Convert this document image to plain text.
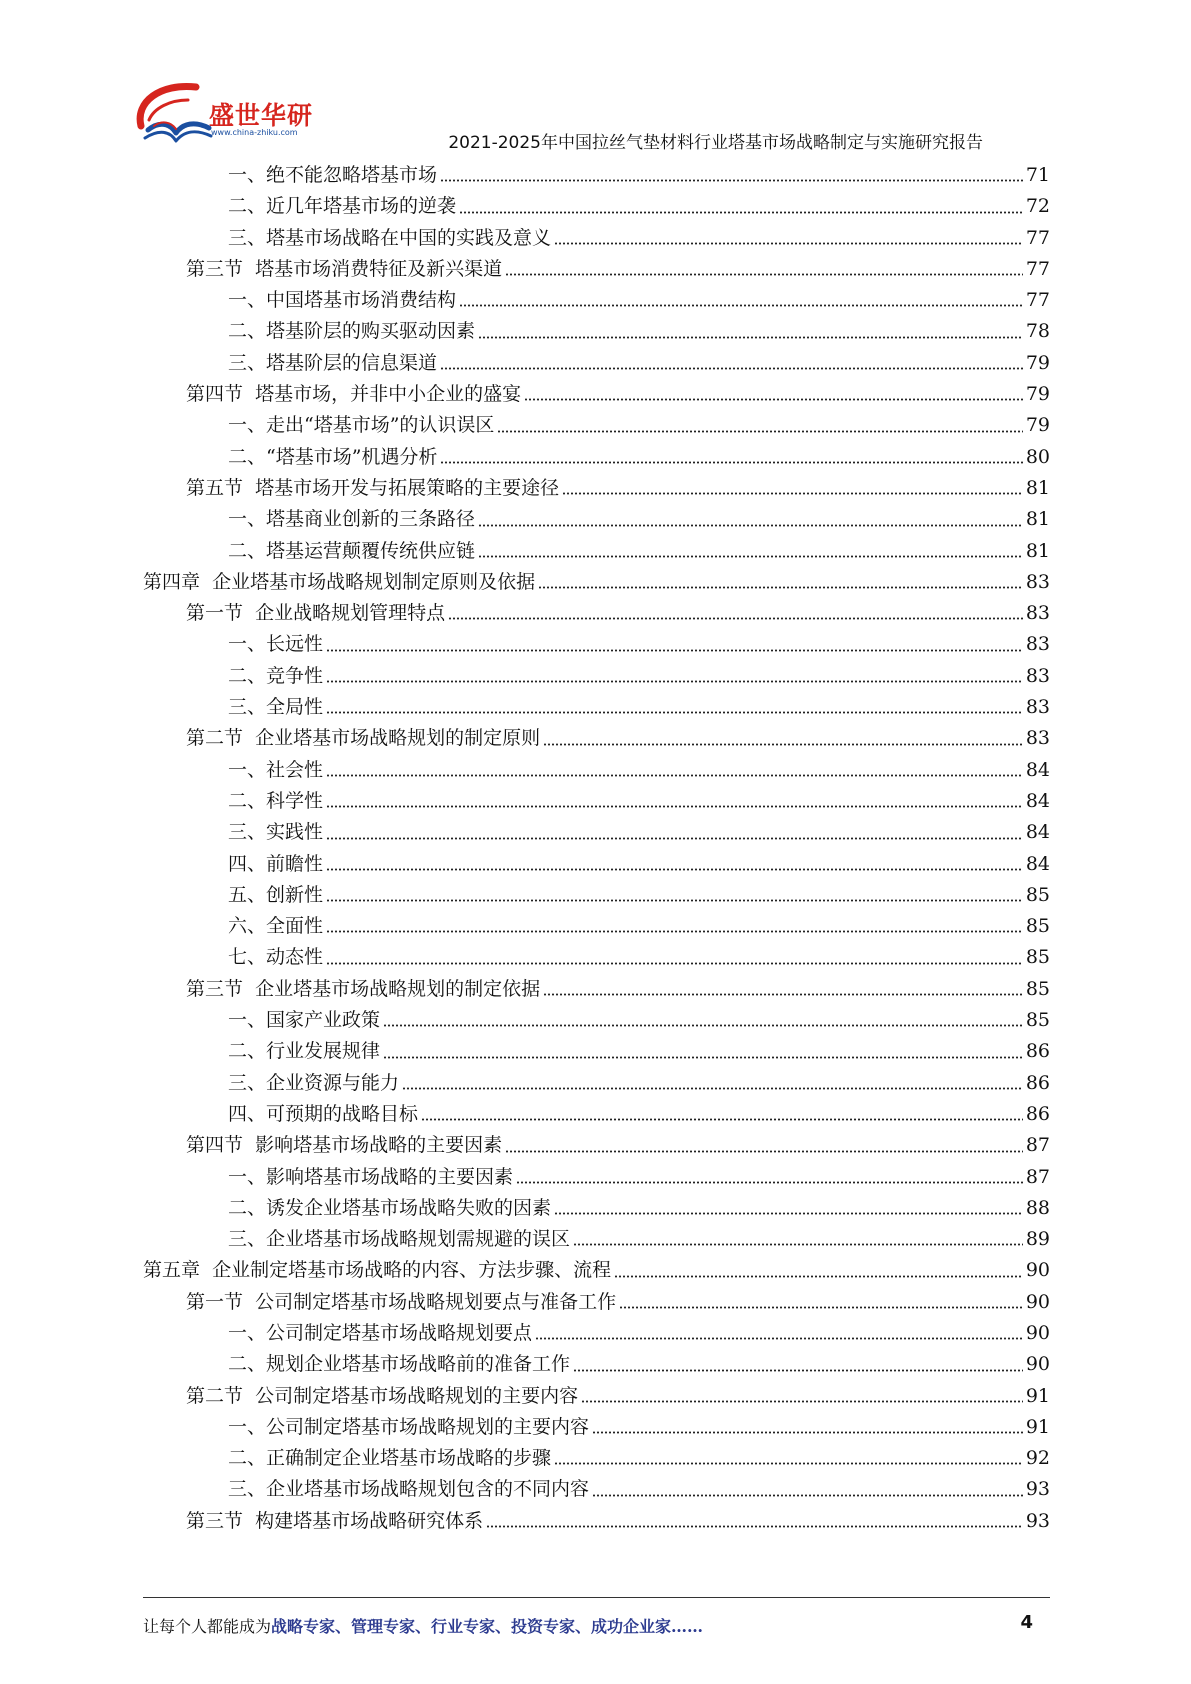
盛世华研
www.china-zhiku.com
2021-2025年中国拉丝气垫材料行业塔基市场战略制定与实施研究报告
一、绝不能忽略塔基市场	71
二、近几年塔基市场的逆袭	72
三、塔基市场战略在中国的实践及意义	77
第三节  塔基市场消费特征及新兴渠道	77
一、中国塔基市场消费结构	77
二、塔基阶层的购买驱动因素	78
三、塔基阶层的信息渠道	79
第四节  塔基市场，并非中小企业的盛宴	79
一、走出“塔基市场”的认识误区	79
二、“塔基市场”机遇分析	80
第五节  塔基市场开发与拓展策略的主要途径	81
一、塔基商业创新的三条路径	81
二、塔基运营颠覆传统供应链	81
第四章  企业塔基市场战略规划制定原则及依据	83
第一节  企业战略规划管理特点	83
一、长远性	83
二、竞争性	83
三、全局性	83
第二节  企业塔基市场战略规划的制定原则	83
一、社会性	84
二、科学性	84
三、实践性	84
四、前瞻性	84
五、创新性	85
六、全面性	85
七、动态性	85
第三节  企业塔基市场战略规划的制定依据	85
一、国家产业政策	85
二、行业发展规律	86
三、企业资源与能力	86
四、可预期的战略目标	86
第四节  影响塔基市场战略的主要因素	87
一、影响塔基市场战略的主要因素	87
二、诱发企业塔基市场战略失败的因素	88
三、企业塔基市场战略规划需规避的误区	89
第五章  企业制定塔基市场战略的内容、方法步骤、流程	90
第一节  公司制定塔基市场战略规划要点与准备工作	90
一、公司制定塔基市场战略规划要点	90
二、规划企业塔基市场战略前的准备工作	90
第二节  公司制定塔基市场战略规划的主要内容	91
一、公司制定塔基市场战略规划的主要内容	91
二、正确制定企业塔基市场战略的步骤	92
三、企业塔基市场战略规划包含的不同内容	93
第三节  构建塔基市场战略研究体系	93
让每个人都能成为战略专家、管理专家、行业专家、投资专家、成功企业家……	4
